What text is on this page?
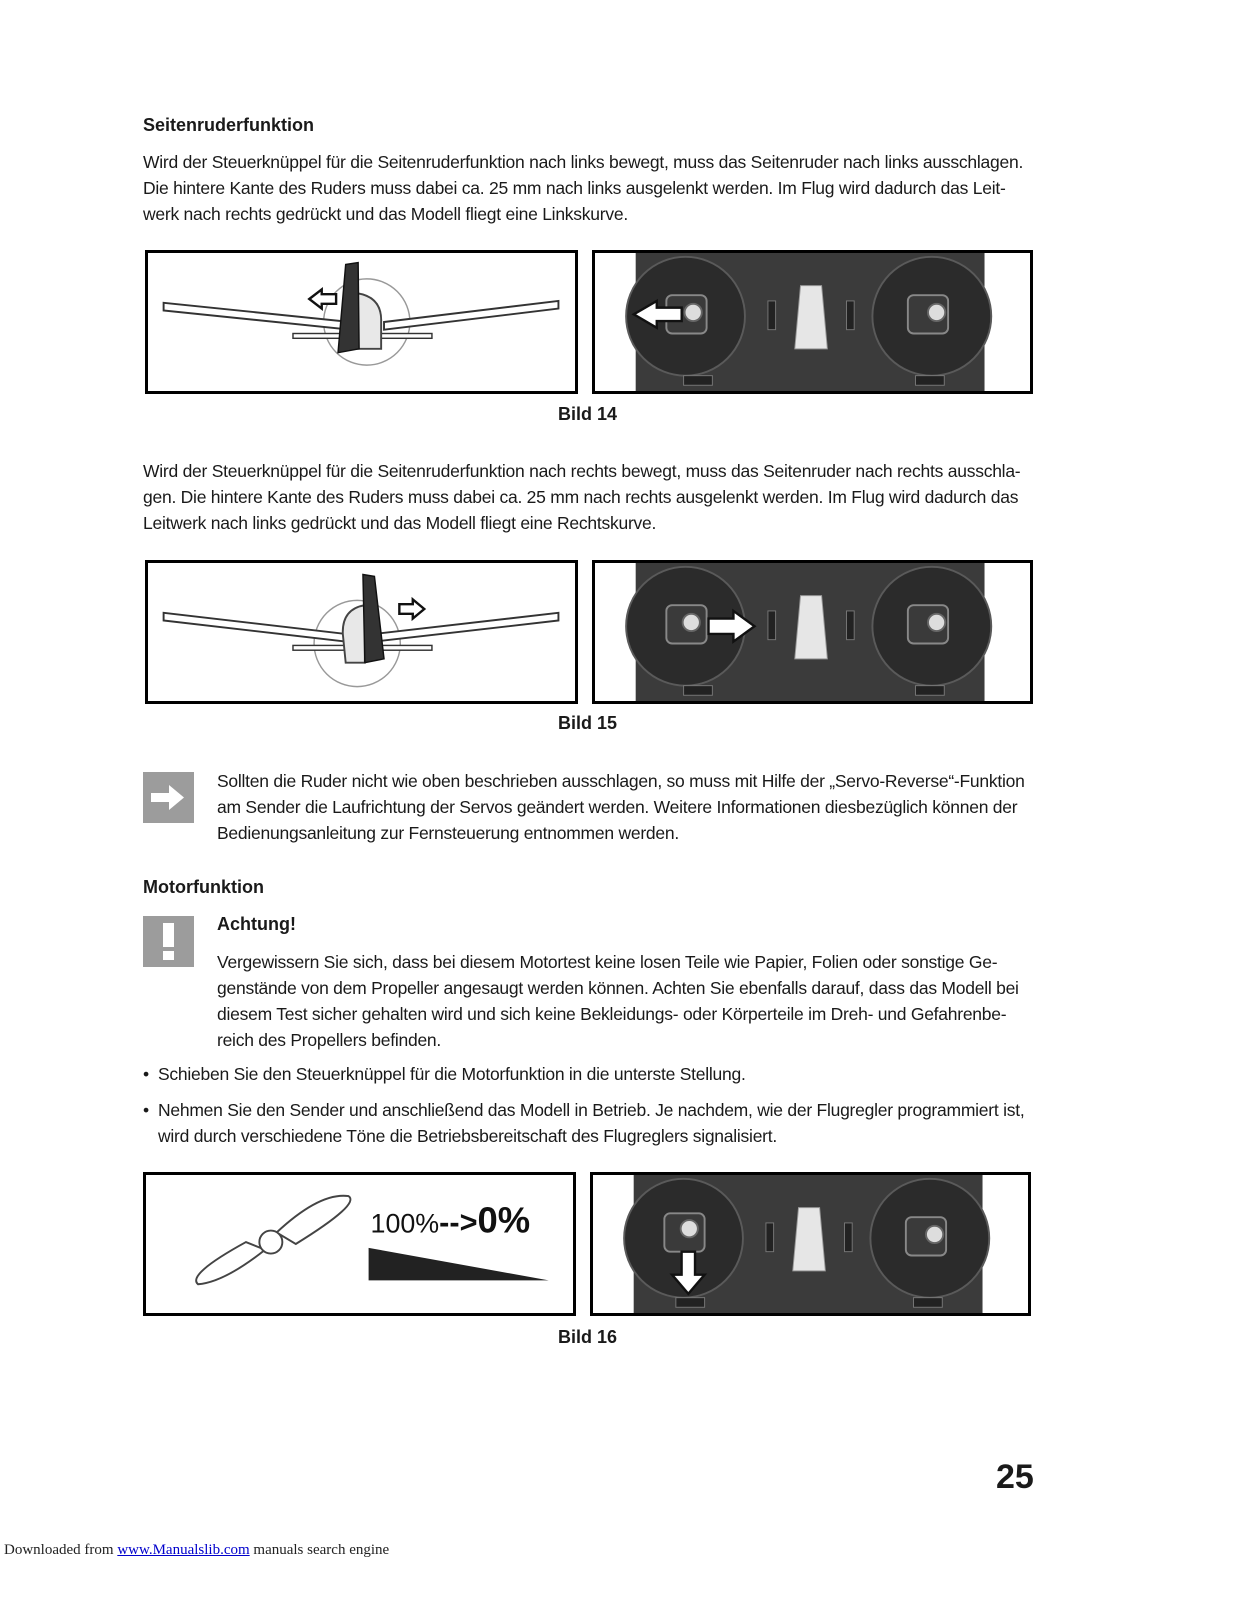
Seitenruderfunktion
Wird der Steuerknüppel für die Seitenruderfunktion nach links bewegt, muss das Seitenruder nach links ausschlagen.
Die hintere Kante des Ruders muss dabei ca. 25 mm nach links ausgelenkt werden. Im Flug wird dadurch das Leit-
werk nach rechts gedrückt und das Modell fliegt eine Linkskurve.
Bild 14
Wird der Steuerknüppel für die Seitenruderfunktion nach rechts bewegt, muss das Seitenruder nach rechts ausschla-
gen. Die hintere Kante des Ruders muss dabei ca. 25 mm nach rechts ausgelenkt werden. Im Flug wird dadurch das
Leitwerk nach links gedrückt und das Modell fliegt eine Rechtskurve.
Bild 15
Sollten die Ruder nicht wie oben beschrieben ausschlagen, so muss mit Hilfe der „Servo-Reverse“-Funktion
am Sender die Laufrichtung der Servos geändert werden. Weitere Informationen diesbezüglich können der
Bedienungsanleitung zur Fernsteuerung entnommen werden.
Motorfunktion
Achtung!
Vergewissern Sie sich, dass bei diesem Motortest keine losen Teile wie Papier, Folien oder sonstige Ge-
genstände von dem Propeller angesaugt werden können. Achten Sie ebenfalls darauf, dass das Modell bei
diesem Test sicher gehalten wird und sich keine Bekleidungs- oder Körperteile im Dreh- und Gefahrenbe-
reich des Propellers befinden.
• Schieben Sie den Steuerknüppel für die Motorfunktion in die unterste Stellung.
• Nehmen Sie den Sender und anschließend das Modell in Betrieb. Je nachdem, wie der Flugregler programmiert ist,
wird durch verschiedene Töne die Betriebsbereitschaft des Flugreglers signalisiert.
100%-->0%
Bild 16
25
Downloaded from www.Manualslib.com manuals search engine
